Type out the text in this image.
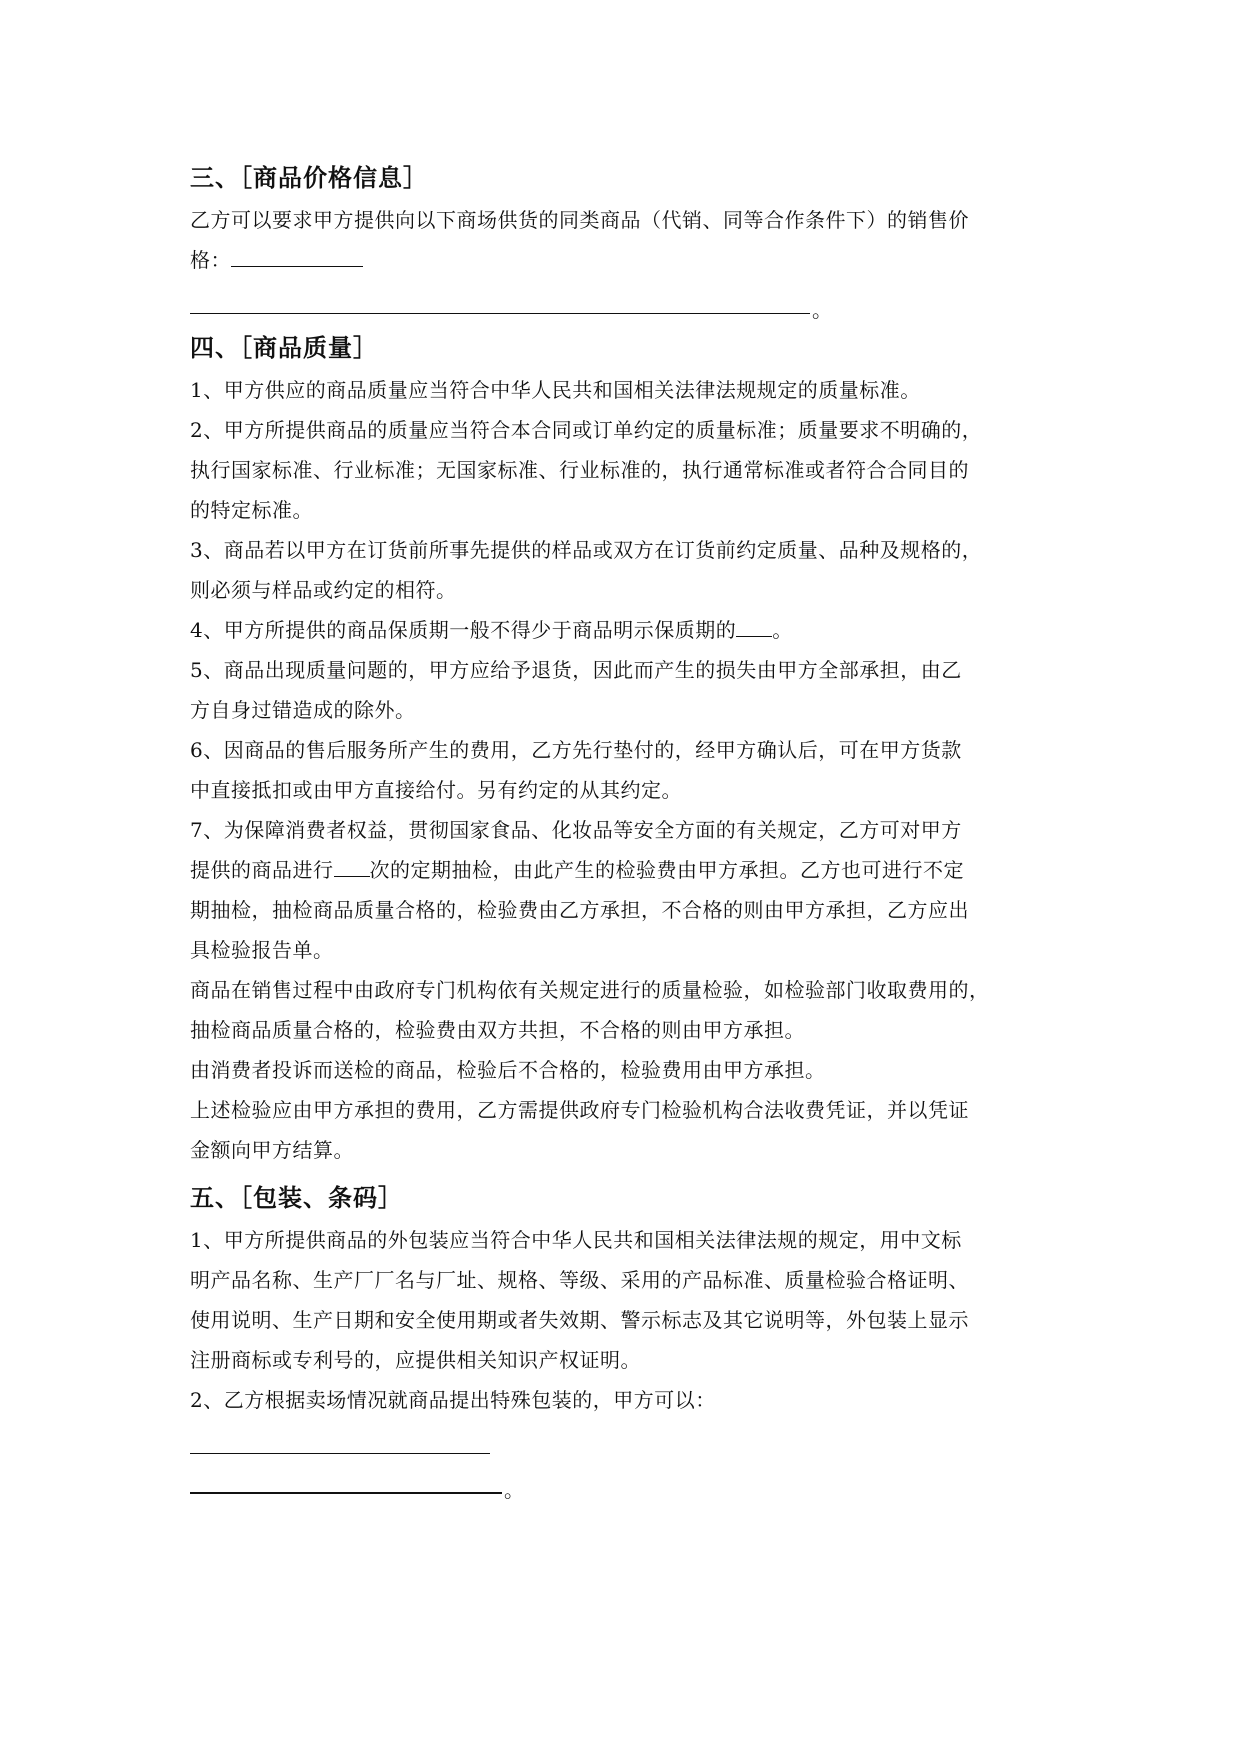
三、［商品价格信息］

乙方可以要求甲方提供向以下商场供货的同类商品（代销、同等合作条件下）的销售价

格：

。
四、［商品质量］

1、甲方供应的商品质量应当符合中华人民共和国相关法律法规规定的质量标准。

2、甲方所提供商品的质量应当符合本合同或订单约定的质量标准；质量要求不明确的，

执行国家标准、行业标准；无国家标准、行业标准的，执行通常标准或者符合合同目的

的特定标准。

3、商品若以甲方在订货前所事先提供的样品或双方在订货前约定质量、品种及规格的，

则必须与样品或约定的相符。

4、甲方所提供的商品保质期一般不得少于商品明示保质期的 。

5、商品出现质量问题的，甲方应给予退货，因此而产生的损失由甲方全部承担，由乙

方自身过错造成的除外。

6、因商品的售后服务所产生的费用，乙方先行垫付的，经甲方确认后，可在甲方货款

中直接抵扣或由甲方直接给付。另有约定的从其约定。

7、为保障消费者权益，贯彻国家食品、化妆品等安全方面的有关规定，乙方可对甲方

提供的商品进行 次的定期抽检，由此产生的检验费由甲方承担。乙方也可进行不定

期抽检，抽检商品质量合格的，检验费由乙方承担，不合格的则由甲方承担，乙方应出

具检验报告单。

商品在销售过程中由政府专门机构依有关规定进行的质量检验，如检验部门收取费用的，

抽检商品质量合格的，检验费由双方共担，不合格的则由甲方承担。

由消费者投诉而送检的商品，检验后不合格的，检验费用由甲方承担。

上述检验应由甲方承担的费用，乙方需提供政府专门检验机构合法收费凭证，并以凭证

金额向甲方结算。

五、［包装、条码］

1、甲方所提供商品的外包装应当符合中华人民共和国相关法律法规的规定，用中文标

明产品名称、生产厂厂名与厂址、规格、等级、采用的产品标准、质量检验合格证明、

使用说明、生产日期和安全使用期或者失效期、警示标志及其它说明等，外包装上显示

注册商标或专利号的，应提供相关知识产权证明。

2、乙方根据卖场情况就商品提出特殊包装的，甲方可以：

。
